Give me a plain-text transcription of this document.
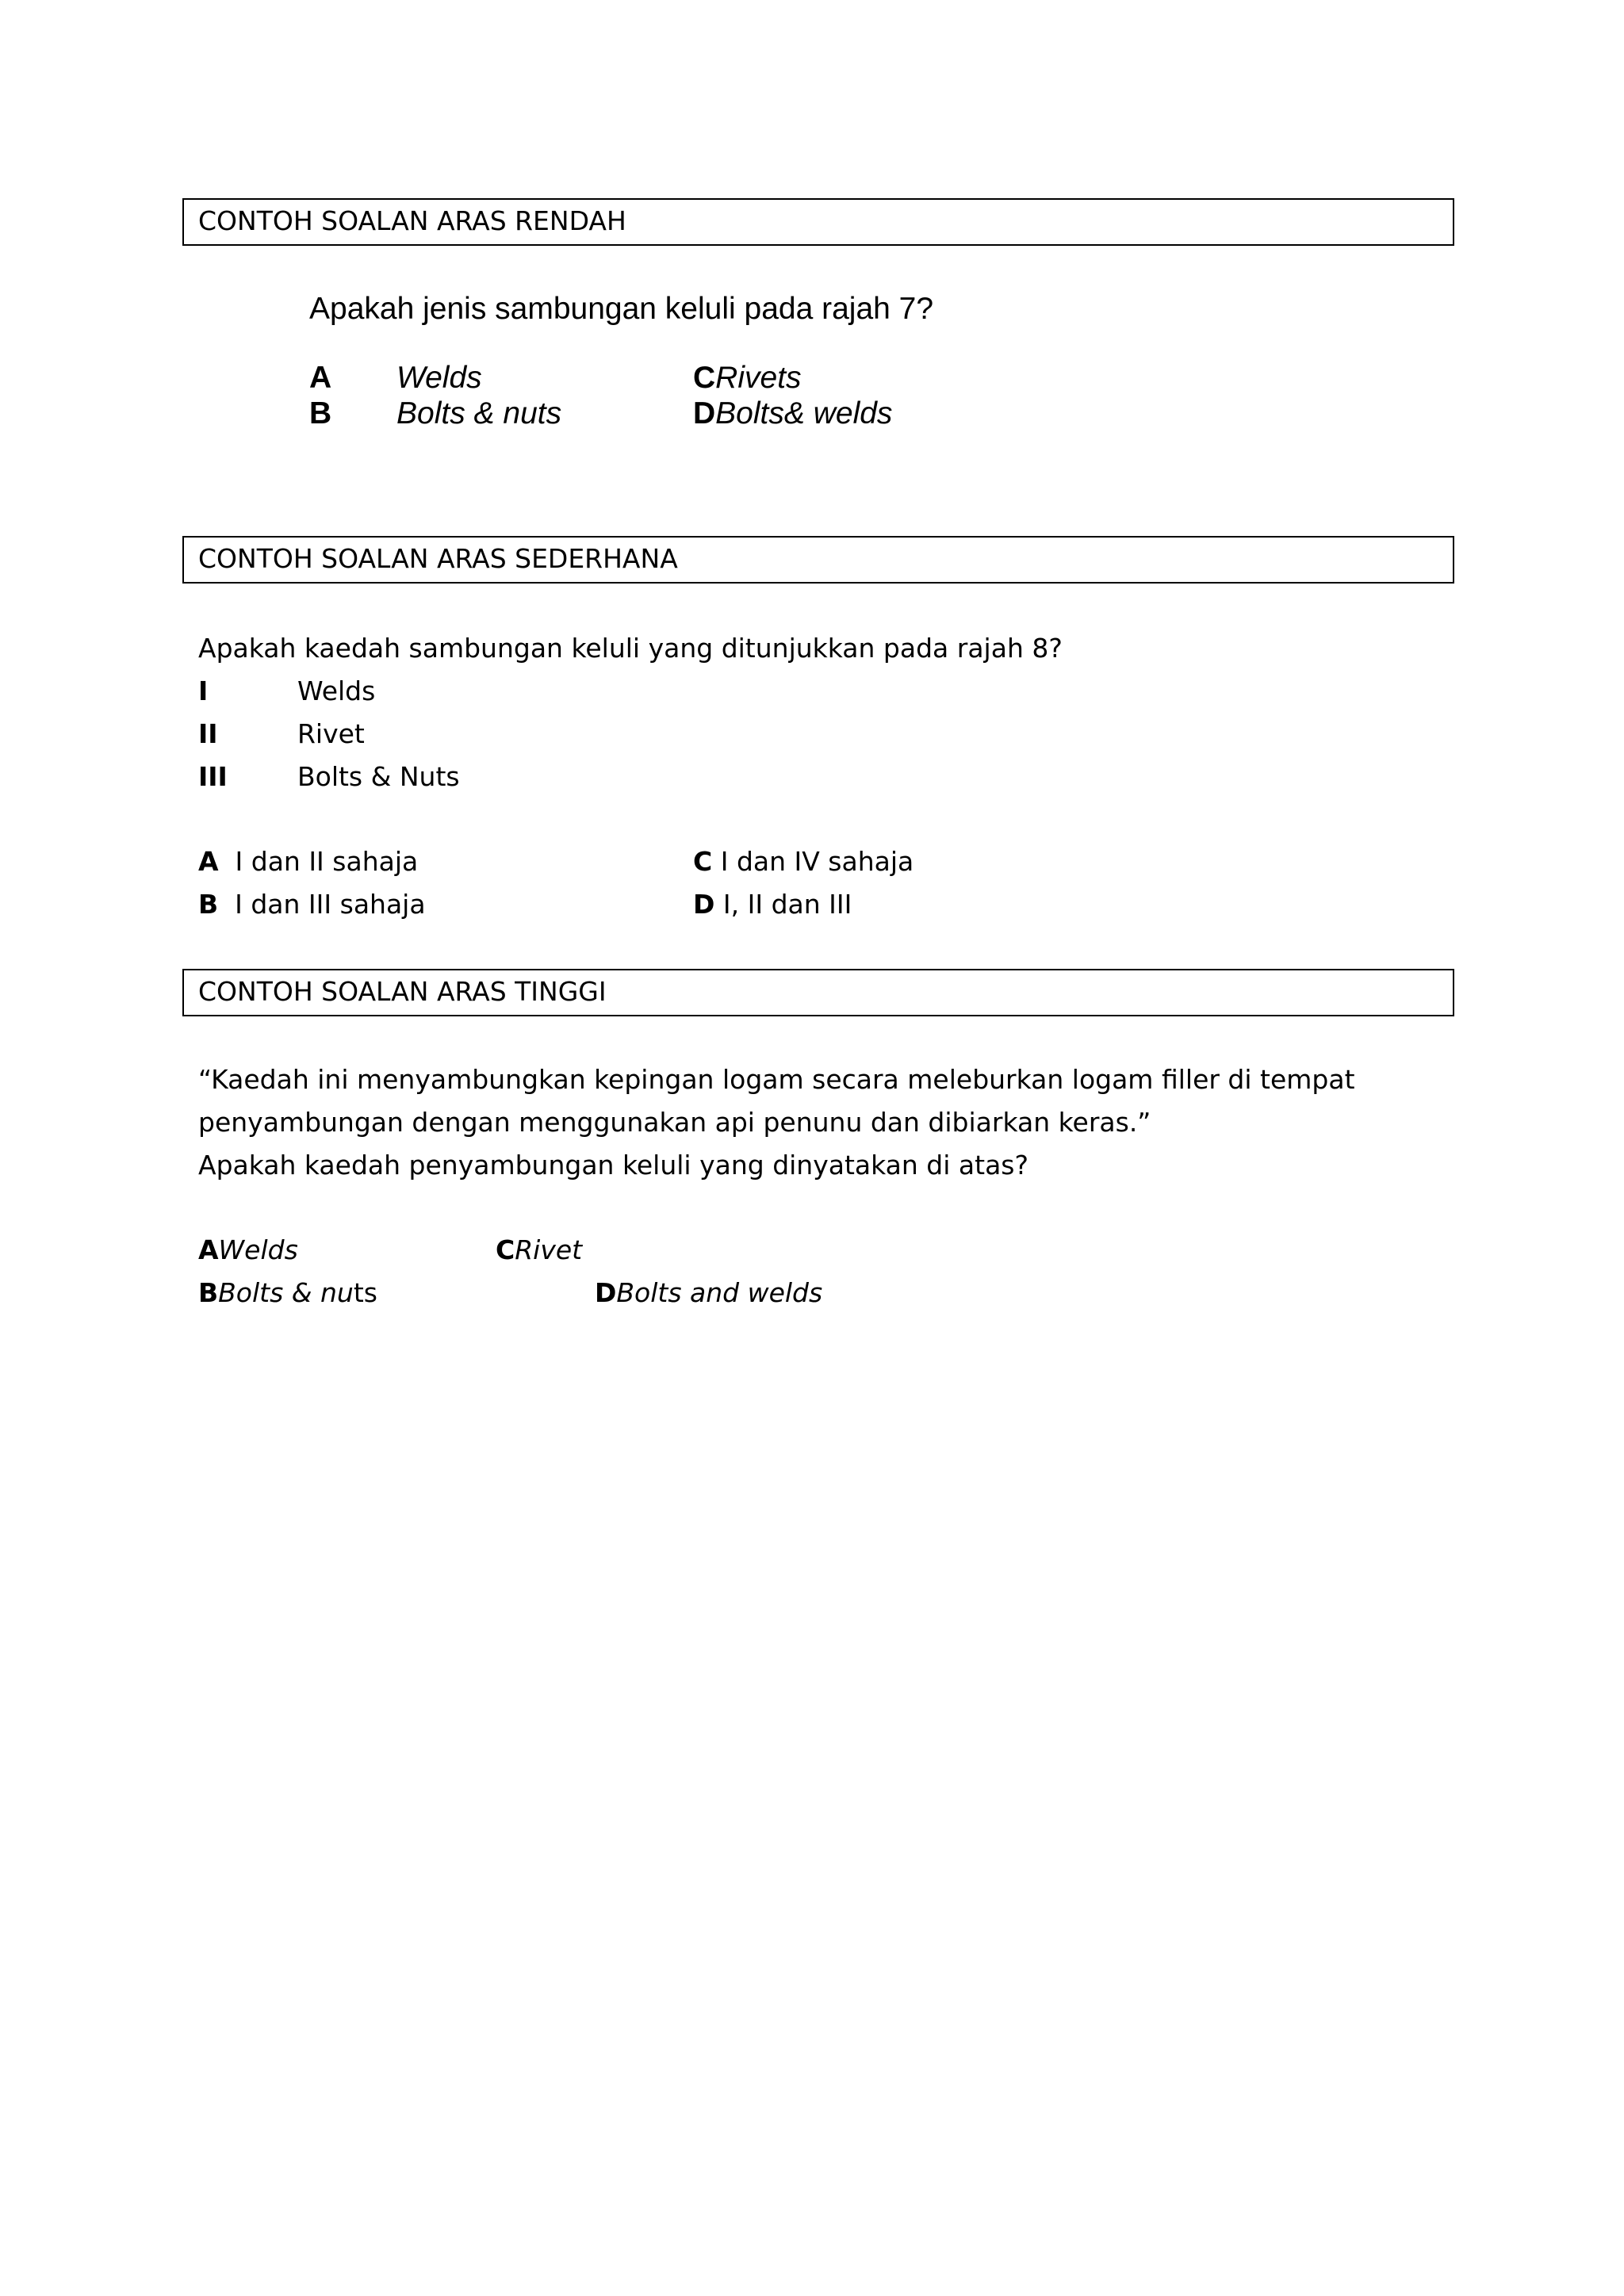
CONTOH SOALAN ARAS RENDAH
Apakah jenis sambungan keluli pada rajah 7?
A Welds
B Bolts & nuts
CRivets
DBolts& welds
CONTOH SOALAN ARAS SEDERHANA
Apakah kaedah sambungan keluli yang ditunjukkan pada rajah 8?
I	Welds
II	Rivet
III	Bolts & Nuts
A I dan II sahaja
B I dan III sahaja
C I dan IV sahaja
D I, II dan III
CONTOH SOALAN ARAS TINGGI
“Kaedah ini menyambungkan kepingan logam secara meleburkan logam filler di tempat
penyambungan dengan menggunakan api penunu dan dibiarkan keras.”
Apakah kaedah penyambungan keluli yang dinyatakan di atas?
AWelds	CRivet
BBolts & nuts	DBolts and welds
